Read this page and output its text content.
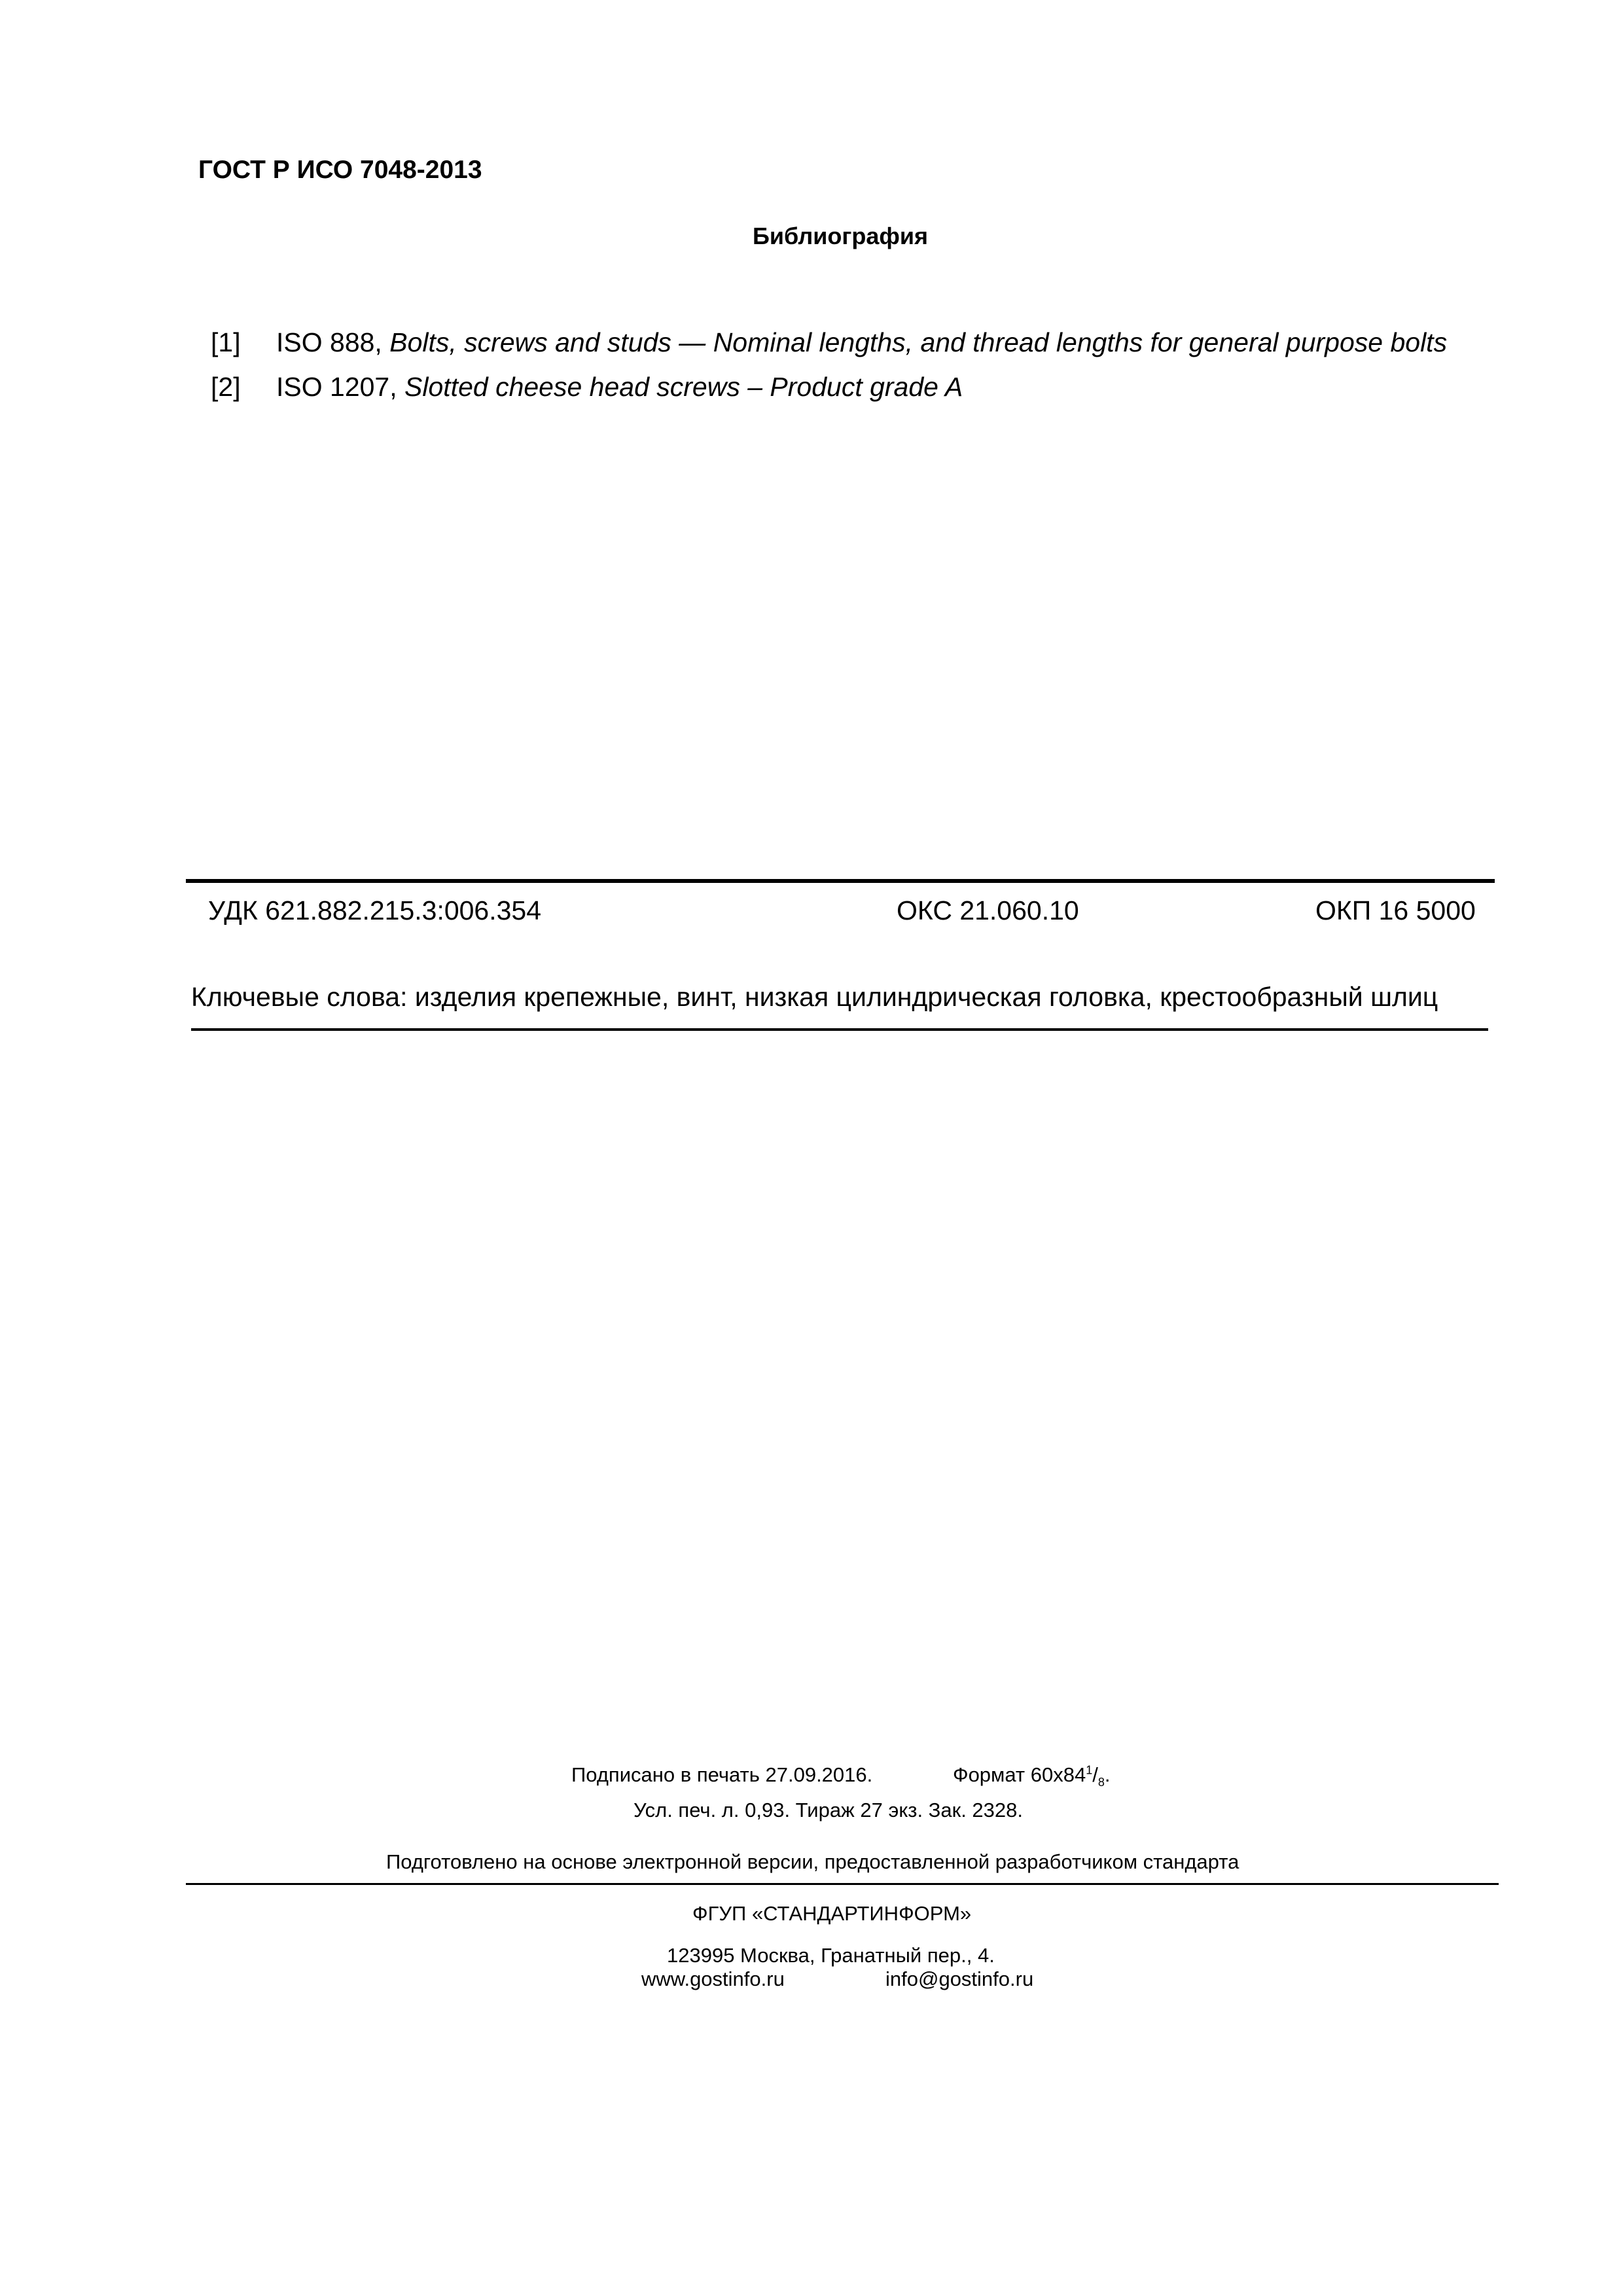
ГОСТ Р ИСО 7048-2013
Библиография
[1] ISO 888, Bolts, screws and studs — Nominal lengths, and thread lengths for general purpose bolts
[2] ISO 1207, Slotted cheese head screws – Product grade A
УДК 621.882.215.3:006.354	ОКС 21.060.10	ОКП 16 5000
Ключевые слова: изделия крепежные, винт, низкая цилиндрическая головка, крестообразный шлиц
Подписано в печать 27.09.2016.	Формат $60x84^1/_8$.
Усл. печ. л. 0,93. Тираж 27 экз. Зак. 2328.
Подготовлено на основе электронной версии, предоставленной разработчиком стандарта
ФГУП «СТАНДАРТИНФОРМ»
123995 Москва, Гранатный пер., 4.
www.gostinfo.ru	info@gostinfo.ru
